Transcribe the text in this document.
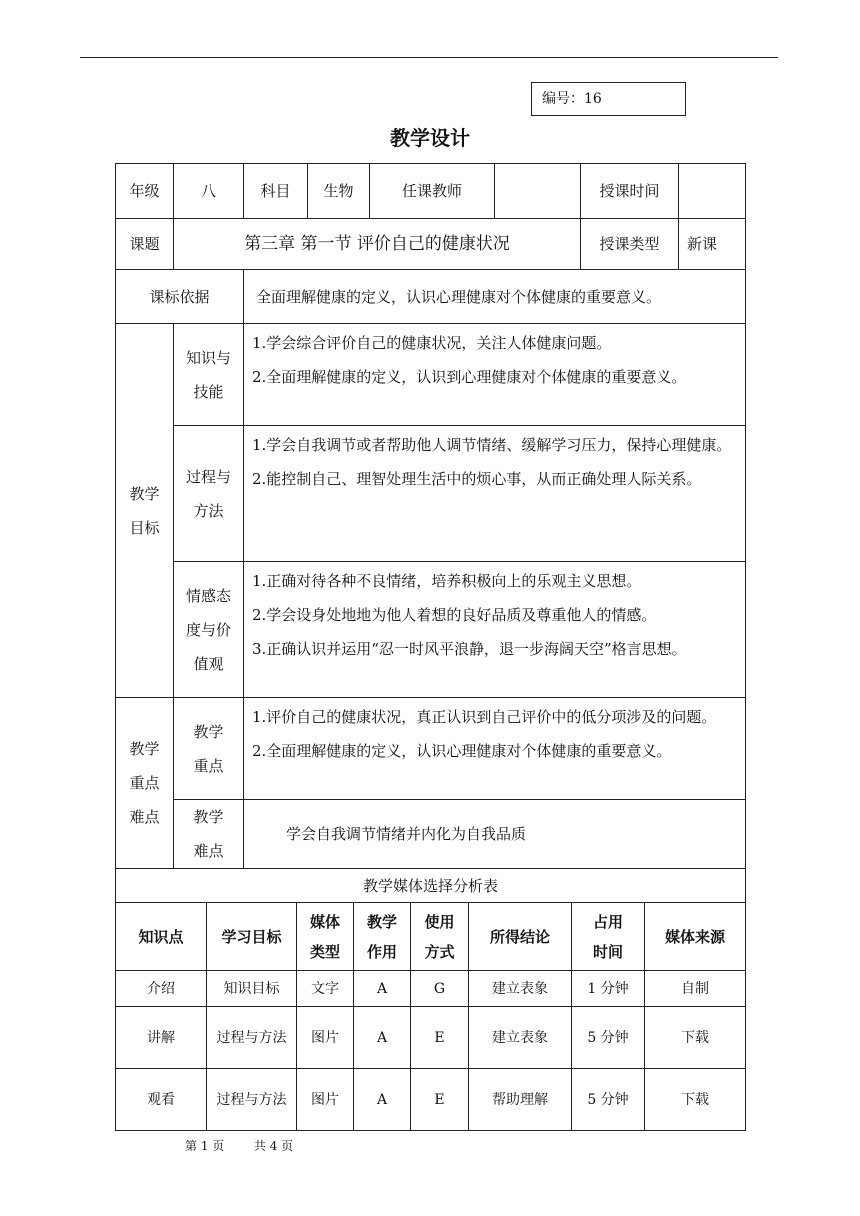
编号：16
教学设计
年级	八	科目	生物	任课教师		授课时间	
课题	第三章 第一节 评价自己的健康状况					授课类型	新课
课标依据		全面理解健康的定义，认识心理健康对个体健康的重要意义。					

教学目标	知识与技能	1.学会综合评价自己的健康状况，关注人体健康问题。
2.全面理解健康的定义，认识到心理健康对个体健康的重要意义。					

	过程与方法	1.学会自我调节或者帮助他人调节情绪、缓解学习压力，保持心理健康。
2.能控制自己、理智处理生活中的烦心事，从而正确处理人际关系。					

	情感态度与价值观	1.正确对待各种不良情绪，培养积极向上的乐观主义思想。
2.学会设身处地地为他人着想的良好品质及尊重他人的情感。
3.正确认识并运用“忍一时风平浪静，退一步海阔天空”格言思想。					

教学重点难点	教学重点	1.评价自己的健康状况，真正认识到自己评价中的低分项涉及的问题。
2.全面理解健康的定义，认识心理健康对个体健康的重要意义。					

	教学难点	学会自我调节情绪并内化为自我品质					
教学媒体选择分析表							
知识点	学习目标	媒体类型	教学作用	使用方式	所得结论	占用时间	媒体来源
介绍	知识目标	文字	A	G	建立表象	1 分钟	自制
讲解	过程与方法	图片	A	E	建立表象	5 分钟	下载
观看	过程与方法	图片	A	E	帮助理解	5 分钟	下载
第 1 页 共 4 页
